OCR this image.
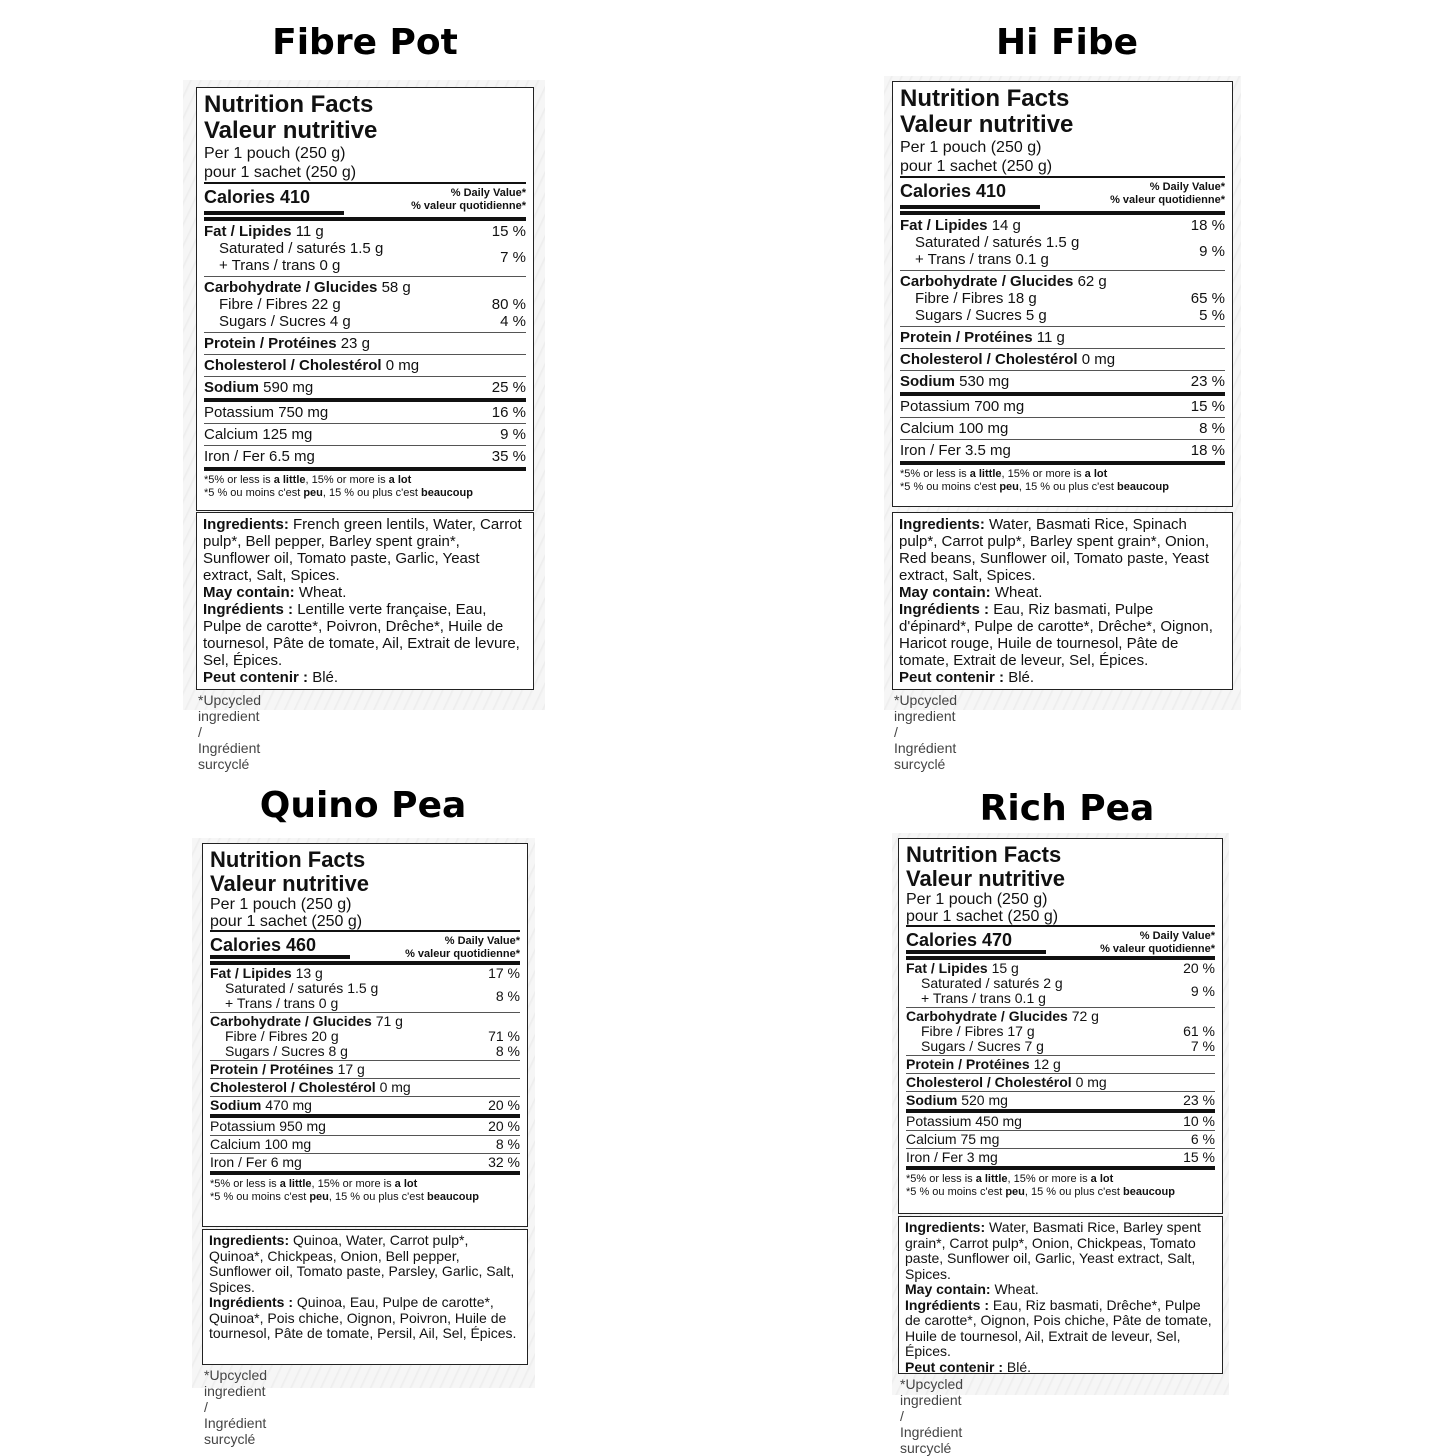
Fibre Pot
Nutrition Facts
Valeur nutritive
Per 1 pouch (250 g)
pour 1 sachet (250 g)
Calories 410	% Daily Value*
% valeur quotidienne*
Fat / Lipides 11 g	15 %
Saturated / saturés 1.5 g
+ Trans / trans 0 g	7 %
Carbohydrate / Glucides 58 g
Fibre / Fibres 22 g	80 %
Sugars / Sucres 4 g	4 %
Protein / Protéines 23 g
Cholesterol / Cholestérol 0 mg
Sodium 590 mg	25 %
Potassium 750 mg	16 %
Calcium 125 mg	9 %
Iron / Fer 6.5 mg	35 %
*5% or less is a little, 15% or more is a lot
*5 % ou moins c'est peu, 15 % ou plus c'est beaucoup

Ingredients: French green lentils, Water, Carrot pulp*, Bell pepper, Barley spent grain*, Sunflower oil, Tomato paste, Garlic, Yeast extract, Salt, Spices.

May contain: Wheat.

Ingrédients : Lentille verte française, Eau, Pulpe de carotte*, Poivron, Drêche*, Huile de tournesol, Pâte de tomate, Ail, Extrait de levure, Sel, Épices.

Peut contenir : Blé.

*Upcycled ingredient / Ingrédient surcyclé
Hi Fibe
Nutrition Facts
Valeur nutritive
Per 1 pouch (250 g)
pour 1 sachet (250 g)
Calories 410	% Daily Value*
% valeur quotidienne*
Fat / Lipides 14 g	18 %
Saturated / saturés 1.5 g
+ Trans / trans 0.1 g	9 %
Carbohydrate / Glucides 62 g
Fibre / Fibres 18 g	65 %
Sugars / Sucres 5 g	5 %
Protein / Protéines 11 g
Cholesterol / Cholestérol 0 mg
Sodium 530 mg	23 %
Potassium 700 mg	15 %
Calcium 100 mg	8 %
Iron / Fer 3.5 mg	18 %
*5% or less is a little, 15% or more is a lot
*5 % ou moins c'est peu, 15 % ou plus c'est beaucoup

Ingredients: Water, Basmati Rice, Spinach pulp*, Carrot pulp*, Barley spent grain*, Onion, Red beans, Sunflower oil, Tomato paste, Yeast extract, Salt, Spices.

May contain: Wheat.

Ingrédients : Eau, Riz basmati, Pulpe d'épinard*, Pulpe de carotte*, Drêche*, Oignon, Haricot rouge, Huile de tournesol, Pâte de tomate, Extrait de leveur, Sel, Épices.

Peut contenir : Blé.

*Upcycled ingredient / Ingrédient surcyclé
Quino Pea
Nutrition Facts
Valeur nutritive
Per 1 pouch (250 g)
pour 1 sachet (250 g)
Calories 460	% Daily Value*
% valeur quotidienne*
Fat / Lipides 13 g	17 %
Saturated / saturés 1.5 g
+ Trans / trans 0 g	8 %
Carbohydrate / Glucides 71 g
Fibre / Fibres 20 g	71 %
Sugars / Sucres 8 g	8 %
Protein / Protéines 17 g
Cholesterol / Cholestérol 0 mg
Sodium 470 mg	20 %
Potassium 950 mg	20 %
Calcium 100 mg	8 %
Iron / Fer 6 mg	32 %
*5% or less is a little, 15% or more is a lot
*5 % ou moins c'est peu, 15 % ou plus c'est beaucoup

Ingredients: Quinoa, Water, Carrot pulp*, Quinoa*, Chickpeas, Onion, Bell pepper, Sunflower oil, Tomato paste, Parsley, Garlic, Salt, Spices.

Ingrédients : Quinoa, Eau, Pulpe de carotte*, Quinoa*, Pois chiche, Oignon, Poivron, Huile de tournesol, Pâte de tomate, Persil, Ail, Sel, Épices.

*Upcycled ingredient / Ingrédient surcyclé
Rich Pea
Nutrition Facts
Valeur nutritive
Per 1 pouch (250 g)
pour 1 sachet (250 g)
Calories 470	% Daily Value*
% valeur quotidienne*
Fat / Lipides 15 g	20 %
Saturated / saturés 2 g
+ Trans / trans 0.1 g	9 %
Carbohydrate / Glucides 72 g
Fibre / Fibres 17 g	61 %
Sugars / Sucres 7 g	7 %
Protein / Protéines 12 g
Cholesterol / Cholestérol 0 mg
Sodium 520 mg	23 %
Potassium 450 mg	10 %
Calcium 75 mg	6 %
Iron / Fer 3 mg	15 %
*5% or less is a little, 15% or more is a lot
*5 % ou moins c'est peu, 15 % ou plus c'est beaucoup

Ingredients: Water, Basmati Rice, Barley spent grain*, Carrot pulp*, Onion, Chickpeas, Tomato paste, Sunflower oil, Garlic, Yeast extract, Salt, Spices.

May contain: Wheat.

Ingrédients : Eau, Riz basmati, Drêche*, Pulpe de carotte*, Oignon, Pois chiche, Pâte de tomate, Huile de tournesol, Ail, Extrait de leveur, Sel, Épices.

Peut contenir : Blé.

*Upcycled ingredient / Ingrédient surcyclé
